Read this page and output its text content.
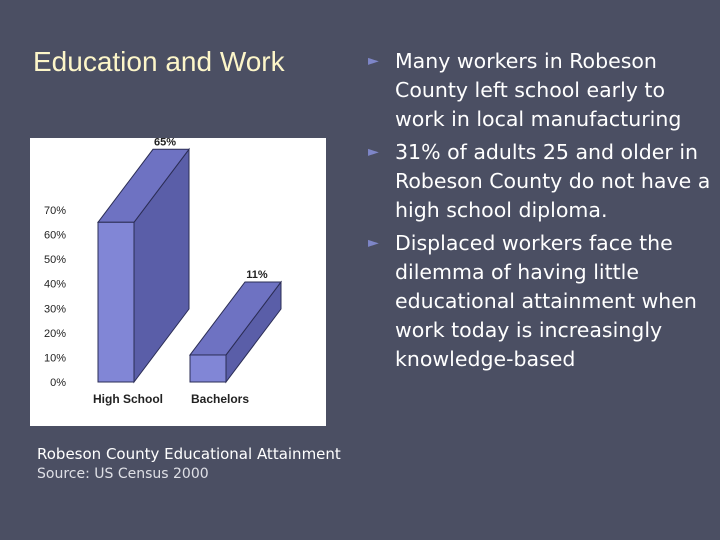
Education and Work
0%
10%
20%
30%
40%
50%
60%
70%
65%
High School
11%
Bachelors
Robeson County Educational Attainment
Source: US Census 2000
► Many workers in Robeson County left school early to work in local manufacturing
► 31% of adults 25 and older in Robeson County do not have a high school diploma.
► Displaced workers face the dilemma of having little educational attainment when work today is increasingly knowledge-based
